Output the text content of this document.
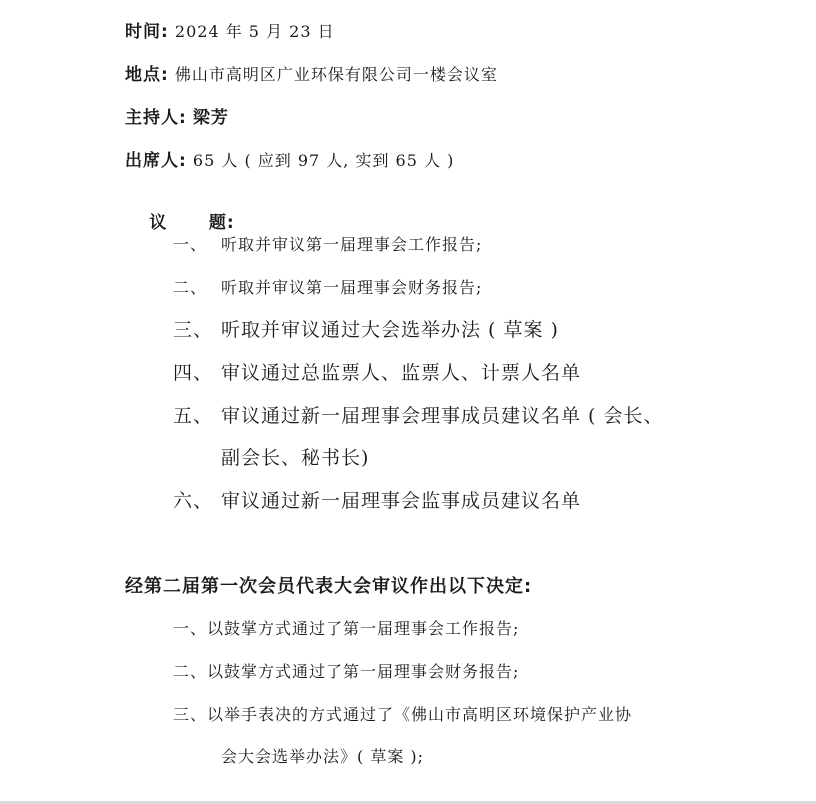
时间: 2024 年 5 月 23 日
地点: 佛山市高明区广业环保有限公司一楼会议室
主持人: 梁芳
出席人: 65 人 ( 应到 97 人, 实到 65 人 )

议      题:

一、 听取并审议第一届理事会工作报告;
二、 听取并审议第一届理事会财务报告;
三、 听取并审议通过大会选举办法 ( 草案 )
四、 审议通过总监票人、监票人、计票人名单
五、 审议通过新一届理事会理事成员建议名单 ( 会长、
副会长、秘书长)
六、 审议通过新一届理事会监事成员建议名单
经第二届第一次会员代表大会审议作出以下决定:
一、以鼓掌方式通过了第一届理事会工作报告;
二、以鼓掌方式通过了第一届理事会财务报告;
三、以举手表决的方式通过了《佛山市高明区环境保护产业协
会大会选举办法》( 草案 );
